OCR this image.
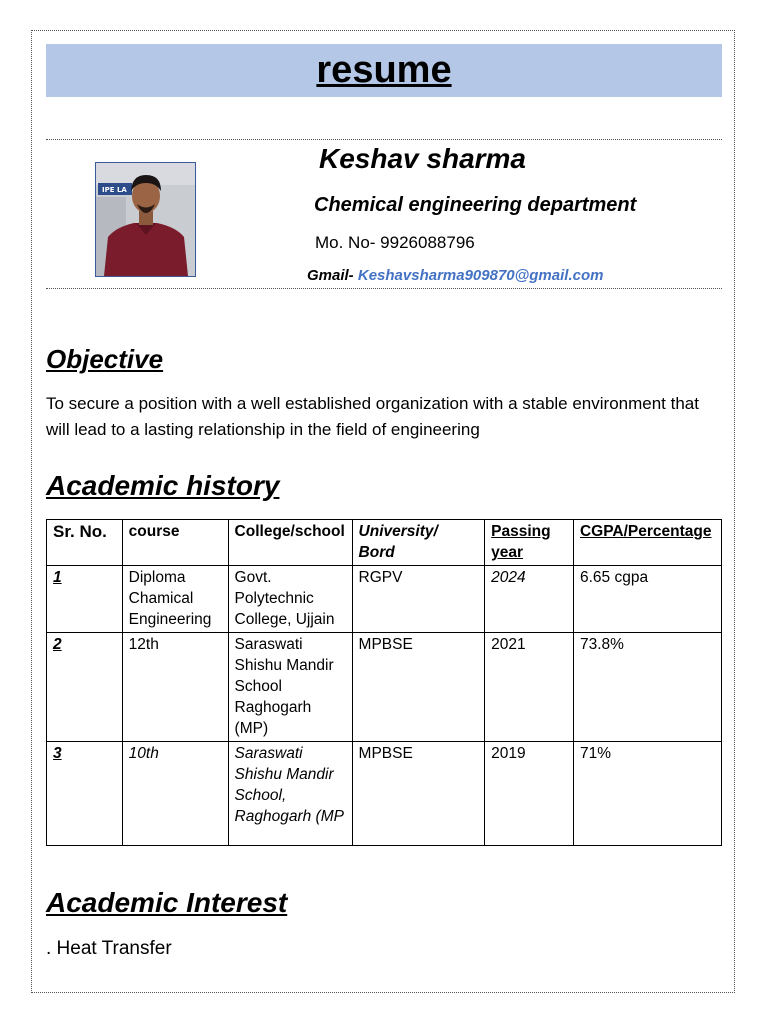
resume
IPE LA
Keshav sharma
Chemical engineering department
Mo. No- 9926088796
Gmail- Keshavsharma909870@gmail.com
Objective
To secure a position with a well established organization with a stable environment that will lead to a lasting relationship in the field of engineering
Academic history
Sr. No.	course	College/school	University/ Bord	Passing year	CGPA/Percentage
1	Diploma Chamical Engineering	Govt. Polytechnic College, Ujjain	RGPV	2024	6.65 cgpa
2	12th	Saraswati Shishu Mandir School Raghogarh (MP)	MPBSE	2021	73.8%
3	10th	Saraswati Shishu Mandir School, Raghogarh (MP	MPBSE	2019	71%
Academic Interest
. Heat Transfer
